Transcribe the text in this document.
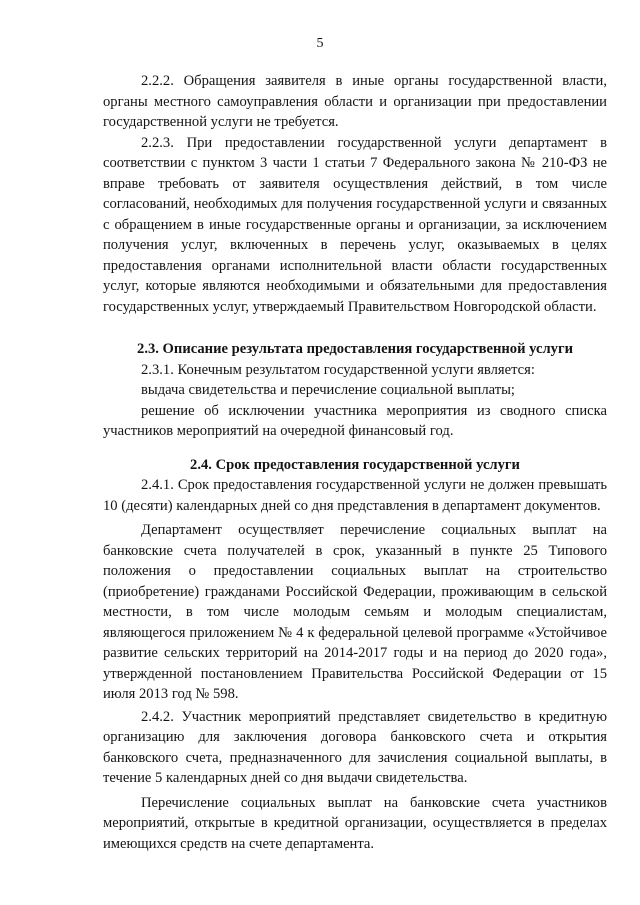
5

2.2.2. Обращения заявителя в иные органы государственной власти, органы местного самоуправления области и организации при предоставлении государственной услуги не требуется.

2.2.3. При предоставлении государственной услуги департамент в соответствии с пунктом 3 части 1 статьи 7 Федерального закона № 210-ФЗ не вправе требовать от заявителя осуществления действий, в том числе согласований, необходимых для получения государственной услуги и связанных с обращением в иные государственные органы и организации, за исключением получения услуг, включенных в перечень услуг, оказываемых в целях предоставления органами исполнительной власти области государственных услуг, которые являются необходимыми и обязательными для предоставления государственных услуг, утверждаемый Правительством Новгородской области.

2.3. Описание результата предоставления государственной услуги

2.3.1. Конечным результатом государственной услуги является:

выдача свидетельства и перечисление социальной выплаты;

решение об исключении участника мероприятия из сводного списка участников мероприятий на очередной финансовый год.

2.4. Срок предоставления государственной услуги

2.4.1. Срок предоставления государственной услуги не должен превышать 10 (десяти) календарных дней со дня представления в департамент документов.

Департамент осуществляет перечисление социальных выплат на банковские счета получателей в срок, указанный в пункте 25 Типового положения о предоставлении социальных выплат на строительство (приобретение) гражданами Российской Федерации, проживающим в сельской местности, в том числе молодым семьям и молодым специалистам, являющегося приложением № 4 к федеральной целевой программе «Устойчивое развитие сельских территорий на 2014-2017 годы и на период до 2020 года», утвержденной постановлением Правительства Российской Федерации от 15 июля 2013 год № 598.

2.4.2. Участник мероприятий представляет свидетельство в кредитную организацию для заключения договора банковского счета и открытия банковского счета, предназначенного для зачисления социальной выплаты, в течение 5 календарных дней со дня выдачи свидетельства.

Перечисление социальных выплат на банковские счета участников мероприятий, открытые в кредитной организации, осуществляется в пределах имеющихся средств на счете департамента.
